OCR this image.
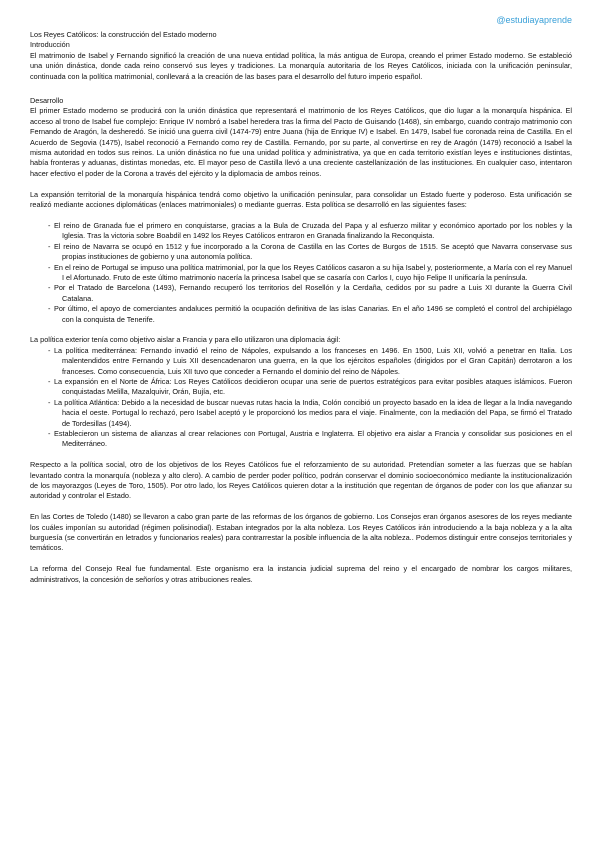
@estudiayaprende

Los Reyes Católicos: la construcción del Estado moderno

Introducción

El matrimonio de Isabel y Fernando significó la creación de una nueva entidad política, la más antigua de Europa, creando el primer Estado moderno. Se estableció una unión dinástica, donde cada reino conservó sus leyes y tradiciones. La monarquía autoritaria de los Reyes Católicos, iniciada con la unificación peninsular, continuada con la política matrimonial, conllevará a la creación de las bases para el desarrollo del futuro imperio español.

Desarrollo

El primer Estado moderno se producirá con la unión dinástica que representará el matrimonio de los Reyes Católicos, que dio lugar a la monarquía hispánica. El acceso al trono de Isabel fue complejo: Enrique IV nombró a Isabel heredera tras la firma del Pacto de Guisando (1468), sin embargo, cuando contrajo matrimonio con Fernando de Aragón, la desheredó. Se inició una guerra civil (1474-79) entre Juana (hija de Enrique IV) e Isabel. En 1479, Isabel fue coronada reina de Castilla. En el Acuerdo de Segovia (1475), Isabel reconoció a Fernando como rey de Castilla. Fernando, por su parte, al convertirse en rey de Aragón (1479) reconoció a Isabel la misma autoridad en todos sus reinos. La unión dinástica no fue una unidad política y administrativa, ya que en cada territorio existían leyes e instituciones distintas, había fronteras y aduanas, distintas monedas, etc. El mayor peso de Castilla llevó a una creciente castellanización de las instituciones. En cualquier caso, intentaron hacer efectivo el poder de la Corona a través del ejército y la diplomacia de ambos reinos.

La expansión territorial de la monarquía hispánica tendrá como objetivo la unificación peninsular, para consolidar un Estado fuerte y poderoso. Esta unificación se realizó mediante acciones diplomáticas (enlaces matrimoniales) o mediante guerras. Esta política se desarrolló en las siguientes fases:

- El reino de Granada fue el primero en conquistarse, gracias a la Bula de Cruzada del Papa y al esfuerzo militar y económico aportado por los nobles y la Iglesia. Tras la victoria sobre Boabdil en 1492 los Reyes Católicos entraron en Granada finalizando la Reconquista.
- El reino de Navarra se ocupó en 1512 y fue incorporado a la Corona de Castilla en las Cortes de Burgos de 1515. Se aceptó que Navarra conservase sus propias instituciones de gobierno y una autonomía política.
- En el reino de Portugal se impuso una política matrimonial, por la que los Reyes Católicos casaron a su hija Isabel y, posteriormente, a María con el rey Manuel I el Afortunado. Fruto de este último matrimonio nacería la princesa Isabel que se casaría con Carlos I, cuyo hijo Felipe II unificaría la península.
- Por el Tratado de Barcelona (1493), Fernando recuperó los territorios del Rosellón y la Cerdaña, cedidos por su padre a Luis XI durante la Guerra Civil Catalana.
- Por último, el apoyo de comerciantes andaluces permitió la ocupación definitiva de las islas Canarias. En el año 1496 se completó el control del archipiélago con la conquista de Tenerife.

La política exterior tenía como objetivo aislar a Francia y para ello utilizaron una diplomacia ágil:

- La política mediterránea: Fernando invadió el reino de Nápoles, expulsando a los franceses en 1496. En 1500, Luis XII, volvió a penetrar en Italia. Los malentendidos entre Fernando y Luis XII desencadenaron una guerra, en la que los ejércitos españoles (dirigidos por el Gran Capitán) derrotaron a los franceses. Como consecuencia, Luis XII tuvo que conceder a Fernando el dominio del reino de Nápoles.
- La expansión en el Norte de África: Los Reyes Católicos decidieron ocupar una serie de puertos estratégicos para evitar posibles ataques islámicos. Fueron conquistadas Melilla, Mazalquivir, Orán, Bujía, etc.
- La política Atlántica: Debido a la necesidad de buscar nuevas rutas hacia la India, Colón concibió un proyecto basado en la idea de llegar a la India navegando hacia el oeste. Portugal lo rechazó, pero Isabel aceptó y le proporcionó los medios para el viaje. Finalmente, con la mediación del Papa, se firmó el Tratado de Tordesillas (1494).
- Establecieron un sistema de alianzas al crear relaciones con Portugal, Austria e Inglaterra. El objetivo era aislar a Francia y consolidar sus posiciones en el Mediterráneo.

Respecto a la política social, otro de los objetivos de los Reyes Católicos fue el reforzamiento de su autoridad. Pretendían someter a las fuerzas que se habían levantado contra la monarquía (nobleza y alto clero). A cambio de perder poder político, podrán conservar el dominio socioeconómico mediante la institucionalización de los mayorazgos (Leyes de Toro, 1505). Por otro lado, los Reyes Católicos quieren dotar a la institución que regentan de órganos de poder con los que afianzar su autoridad y controlar el Estado.

En las Cortes de Toledo (1480) se llevaron a cabo gran parte de las reformas de los órganos de gobierno. Los Consejos eran órganos asesores de los reyes mediante los cuáles imponían su autoridad (régimen polisinodial). Estaban integrados por la alta nobleza. Los Reyes Católicos irán introduciendo a la baja nobleza y a la alta burguesía (se convertirán en letrados y funcionarios reales) para contrarrestar la posible influencia de la alta nobleza.. Podemos distinguir entre consejos territoriales y temáticos.

La reforma del Consejo Real fue fundamental. Este organismo era la instancia judicial suprema del reino y el encargado de nombrar los cargos militares, administrativos, la concesión de señoríos y otras atribuciones reales.
